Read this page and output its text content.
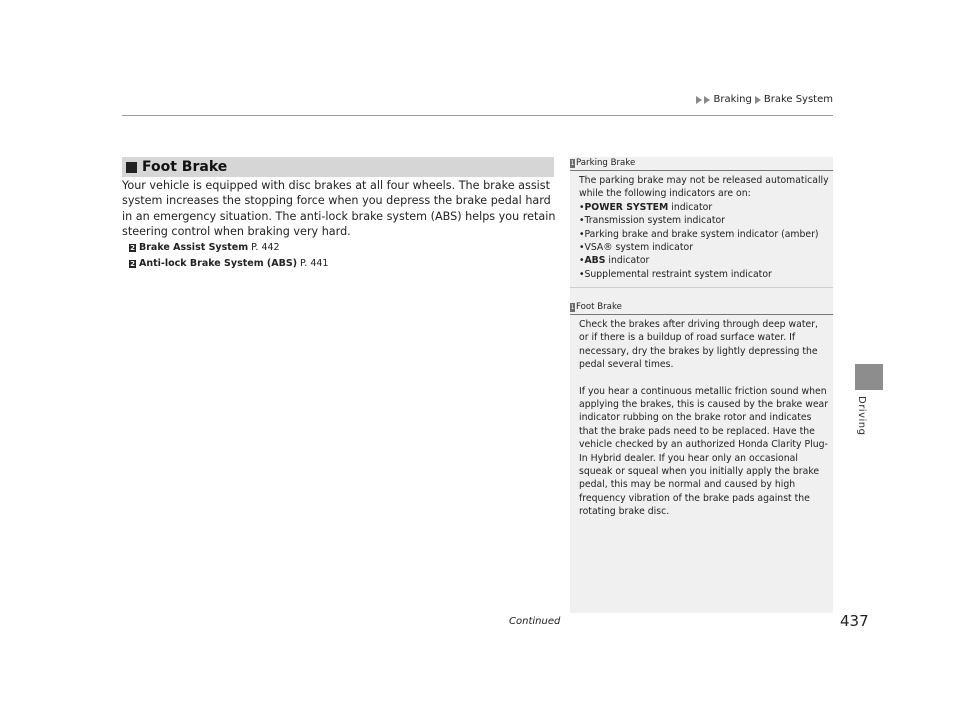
Braking Brake System
Driving
Foot Brake
Your vehicle is equipped with disc brakes at all four wheels. The brake assist system increases the stopping force when you depress the brake pedal hard in an emergency situation. The anti-lock brake system (ABS) helps you retain steering control when braking very hard.
2 Brake Assist System P. 442
2 Anti-lock Brake System (ABS) P. 441
1 Parking Brake
The parking brake may not be released automatically while the following indicators are on:
•POWER SYSTEM indicator
•Transmission system indicator
•Parking brake and brake system indicator (amber)
•VSA® system indicator
•ABS indicator
•Supplemental restraint system indicator
1 Foot Brake
Check the brakes after driving through deep water, or if there is a buildup of road surface water. If necessary, dry the brakes by lightly depressing the pedal several times.
If you hear a continuous metallic friction sound when applying the brakes, this is caused by the brake wear indicator rubbing on the brake rotor and indicates that the brake pads need to be replaced. Have the vehicle checked by an authorized Honda Clarity Plug-In Hybrid dealer. If you hear only an occasional squeak or squeal when you initially apply the brake pedal, this may be normal and caused by high frequency vibration of the brake pads against the rotating brake disc.
Continued	437
